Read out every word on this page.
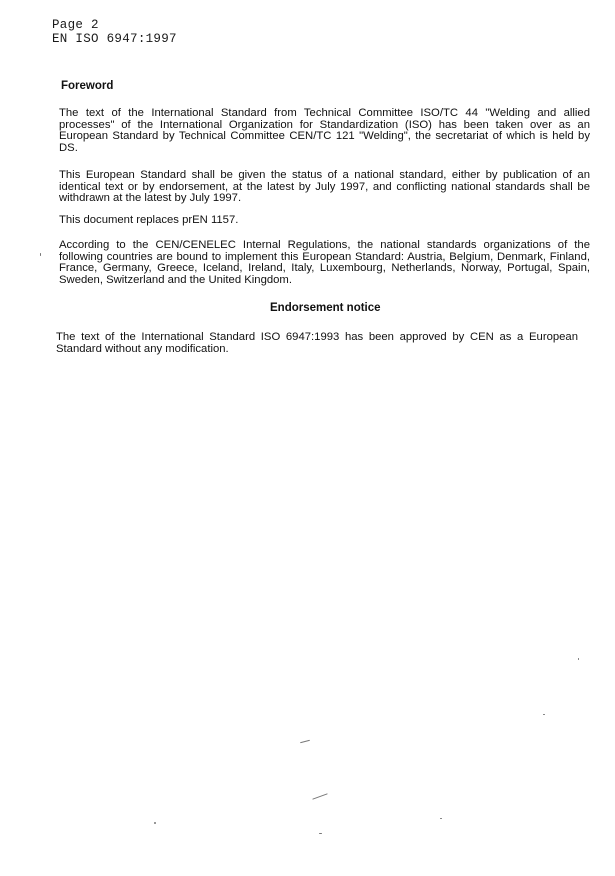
Page 2
EN ISO 6947:1997
Foreword

The text of the International Standard from Technical Committee ISO/TC 44 "Welding and allied processes" of the International Organization for Standardization (ISO) has been taken over as an European Standard by Technical Committee CEN/TC 121 "Welding", the secretariat of which is held by DS.

This European Standard shall be given the status of a national standard, either by publication of an identical text or by endorsement, at the latest by July 1997, and conflicting national standards shall be withdrawn at the latest by July 1997.

This document replaces prEN 1157.

According to the CEN/CENELEC Internal Regulations, the national standards organizations of the following countries are bound to implement this European Standard: Austria, Belgium, Denmark, Finland, France, Germany, Greece, Iceland, Ireland, Italy, Luxembourg, Netherlands, Norway, Portugal, Spain, Sweden, Switzerland and the United Kingdom.

Endorsement notice

The text of the International Standard ISO 6947:1993 has been approved by CEN as a European Standard without any modification.
